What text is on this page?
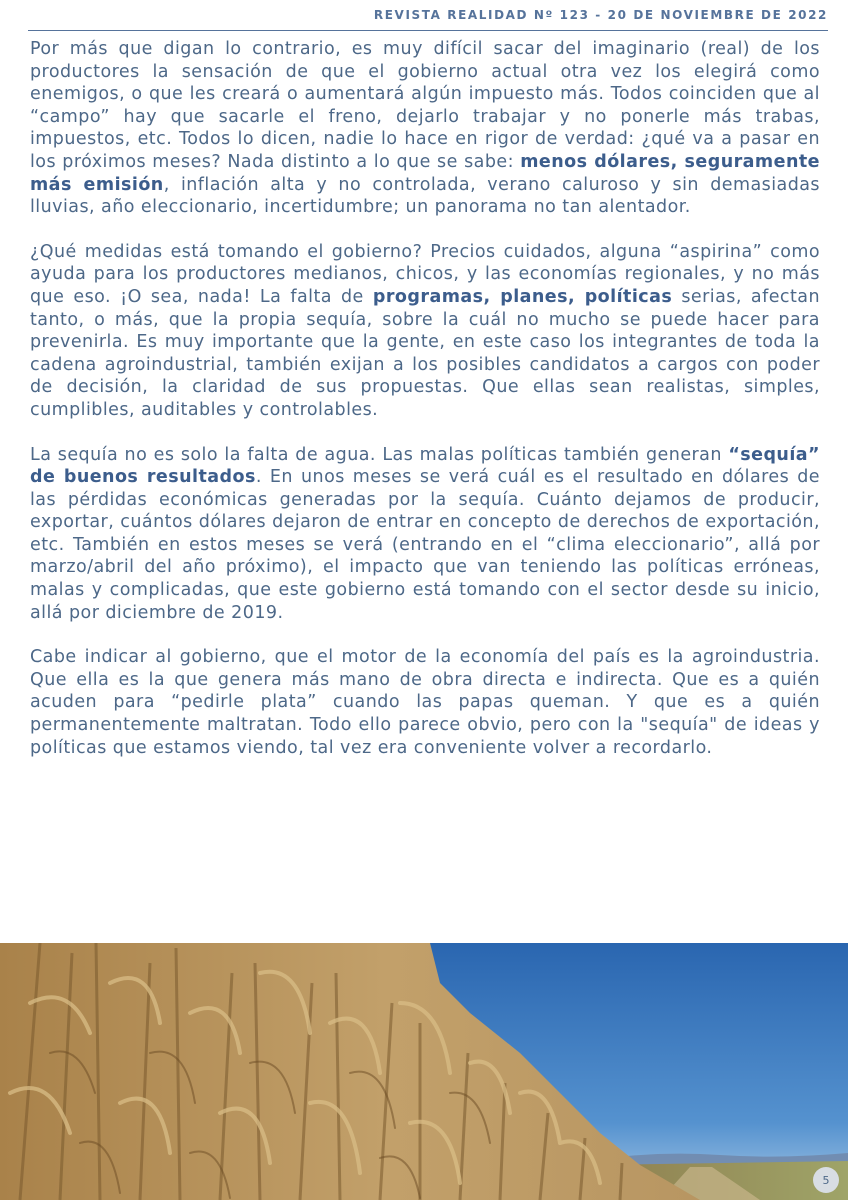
REVISTA REALIDAD Nº 123 - 20 DE NOVIEMBRE DE 2022

Por más que digan lo contrario, es muy difícil sacar del imaginario (real) de los productores la sensación de que el gobierno actual otra vez los elegirá como enemigos, o que les creará o aumentará algún impuesto más. Todos coinciden que al “campo” hay que sacarle el freno, dejarlo trabajar y no ponerle más trabas, impuestos, etc. Todos lo dicen, nadie lo hace en rigor de verdad: ¿qué va a pasar en los próximos meses? Nada distinto a lo que se sabe: menos dólares, seguramente más emisión, inflación alta y no controlada, verano caluroso y sin demasiadas lluvias, año eleccionario, incertidumbre; un panorama no tan alentador.

¿Qué medidas está tomando el gobierno? Precios cuidados, alguna “aspirina” como ayuda para los productores medianos, chicos, y las economías regionales, y no más que eso. ¡O sea, nada! La falta de programas, planes, políticas serias, afectan tanto, o más, que la propia sequía, sobre la cuál no mucho se puede hacer para prevenirla. Es muy importante que la gente, en este caso los integrantes de toda la cadena agroindustrial, también exijan a los posibles candidatos a cargos con poder de decisión, la claridad de sus propuestas. Que ellas sean realistas, simples, cumplibles, auditables y controlables.

La sequía no es solo la falta de agua. Las malas políticas también generan “sequía” de buenos resultados. En unos meses se verá cuál es el resultado en dólares de las pérdidas económicas generadas por la sequía. Cuánto dejamos de producir, exportar, cuántos dólares dejaron de entrar en concepto de derechos de exportación, etc. También en estos meses se verá (entrando en el “clima eleccionario”, allá por marzo/abril del año próximo), el impacto que van teniendo las políticas erróneas, malas y complicadas, que este gobierno está tomando con el sector desde su inicio, allá por diciembre de 2019.

Cabe indicar al gobierno, que el motor de la economía del país es la agroindustria. Que ella es la que genera más mano de obra directa e indirecta. Que es a quién acuden para “pedirle plata” cuando las papas queman. Y que es a quién permanentemente maltratan. Todo ello parece obvio, pero con la "sequía" de ideas y políticas que estamos viendo, tal vez era conveniente volver a recordarlo.

5
